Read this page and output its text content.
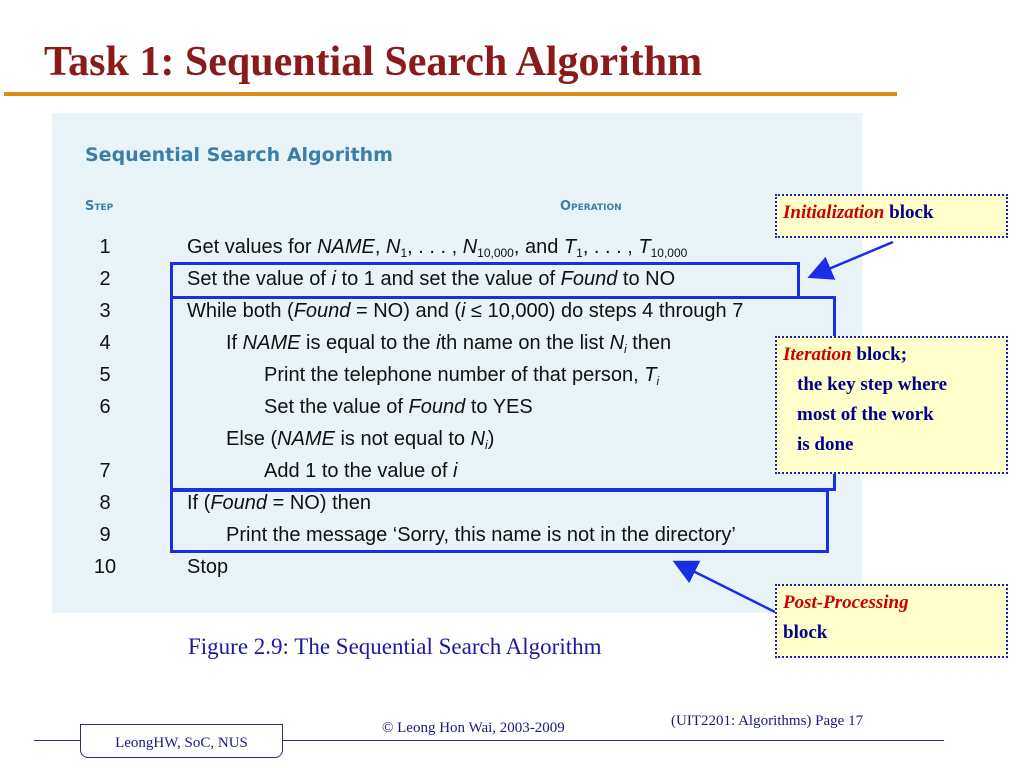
Task 1: Sequential Search Algorithm
Sequential Search Algorithm
Step	Operation
1
2
3
4
5
6
7
8
9
10
Get values for NAME, $N_1$, . . . , $N_{10,000}$, and $T_1$, . . . , $T_{10,000}$
Set the value of i to 1 and set the value of Found to NO
While both (Found = NO) and (i ≤ 10,000) do steps 4 through 7
If NAME is equal to the ith name on the list $N_i$ then
Print the telephone number of that person, $T_i$
Set the value of Found to YES
Else (NAME is not equal to $N_i$)
Add 1 to the value of i
If (Found = NO) then
Print the message ‘Sorry, this name is not in the directory’
Stop
Initialization block
Iteration block;
the key step where
most of the work
is done
Post-Processing
block
Figure 2.9: The Sequential Search Algorithm
LeongHW, SoC, NUS
© Leong Hon Wai, 2003-2009	(UIT2201: Algorithms) Page 17
